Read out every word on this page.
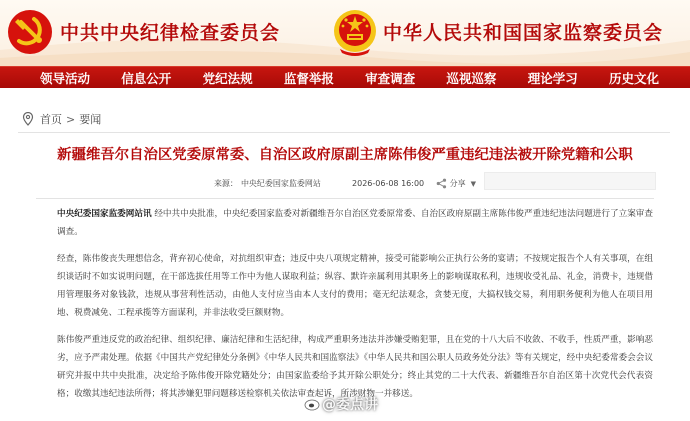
中共中央纪律检查委员会	中华人民共和国国家监察委员会
领导活动	信息公开	党纪法规	监督举报	审查调查	巡视巡察	理论学习	历史文化
首页 > 要闻
新疆维吾尔自治区党委原常委、自治区政府原副主席陈伟俊严重违纪违法被开除党籍和公职
来源： 中央纪委国家监委网站	2026-06-08 16:00	分享 ▼

中央纪委国家监委网站讯 经中共中央批准，中央纪委国家监委对新疆维吾尔自治区党委原常委、自治区政府原副主席陈伟俊严重违纪违法问题进行了立案审查调查。

经查，陈伟俊丧失理想信念，背弃初心使命，对抗组织审查；违反中央八项规定精神，接受可能影响公正执行公务的宴请；不按规定报告个人有关事项，在组织谈话时不如实说明问题，在干部选拔任用等工作中为他人谋取利益；纵容、默许亲属利用其职务上的影响谋取私利，违规收受礼品、礼金，消费卡，违规借用管理服务对象钱款，违规从事营利性活动，由他人支付应当由本人支付的费用；毫无纪法观念，贪婪无度，大搞权钱交易，利用职务便利为他人在项目用地、税费减免、工程承揽等方面谋利，并非法收受巨额财物。

陈伟俊严重违反党的政治纪律、组织纪律、廉洁纪律和生活纪律，构成严重职务违法并涉嫌受贿犯罪，且在党的十八大后不收敛、不收手，性质严重，影响恶劣，应予严肃处理。依据《中国共产党纪律处分条例》《中华人民共和国监察法》《中华人民共和国公职人员政务处分法》等有关规定，经中央纪委常委会会议研究并报中共中央批准，决定给予陈伟俊开除党籍处分；由国家监委给予其开除公职处分；终止其党的二十大代表、新疆维吾尔自治区第十次党代会代表资格；收缴其违纪违法所得；将其涉嫌犯罪问题移送检察机关依法审查起诉，所涉财物一并移送。

@委点讲
